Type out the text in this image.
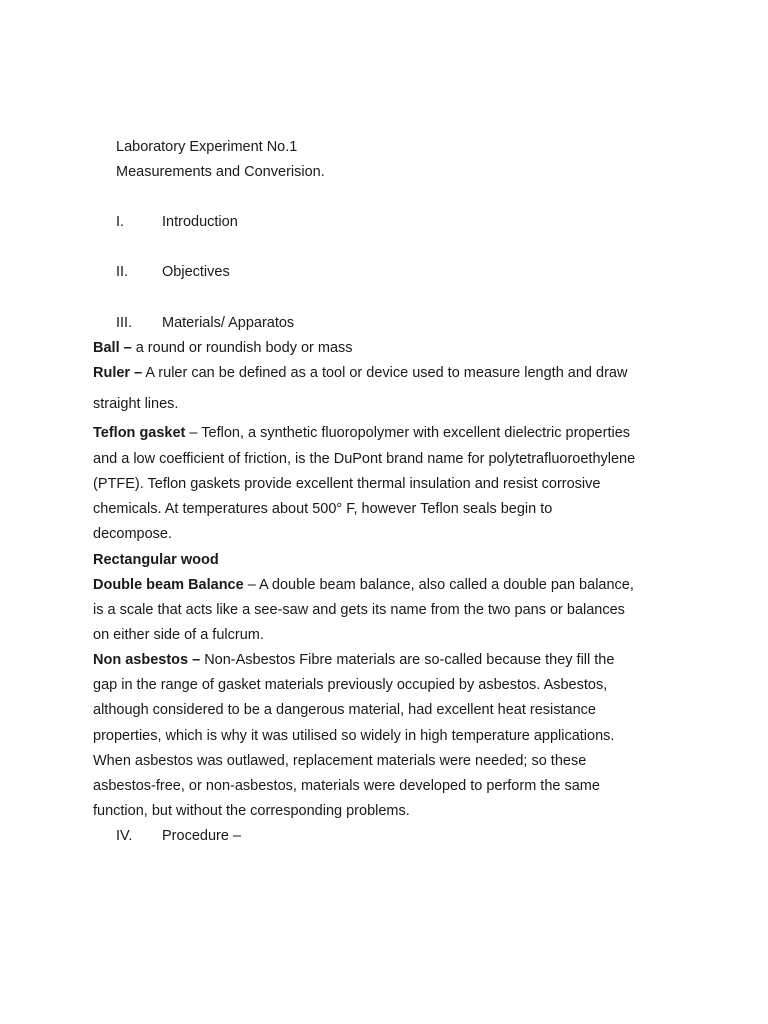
Laboratory Experiment No.1
Measurements and Converision.
I.	Introduction
II. Objectives
III. Materials/ Apparatos
Ball – a round or roundish body or mass
Ruler – A ruler can be defined as a tool or device used to measure length and draw
straight lines.
Teflon gasket – Teflon, a synthetic fluoropolymer with excellent dielectric properties
and a low coefficient of friction, is the DuPont brand name for polytetrafluoroethylene
(PTFE). Teflon gaskets provide excellent thermal insulation and resist corrosive
chemicals. At temperatures about 500° F, however Teflon seals begin to
decompose.
Rectangular wood
Double beam Balance – A double beam balance, also called a double pan balance,
is a scale that acts like a see-saw and gets its name from the two pans or balances
on either side of a fulcrum.
Non asbestos – Non-Asbestos Fibre materials are so-called because they fill the
gap in the range of gasket materials previously occupied by asbestos. Asbestos,
although considered to be a dangerous material, had excellent heat resistance
properties, which is why it was utilised so widely in high temperature applications.
When asbestos was outlawed, replacement materials were needed; so these
asbestos-free, or non-asbestos, materials were developed to perform the same
function, but without the corresponding problems.
IV. Procedure –
